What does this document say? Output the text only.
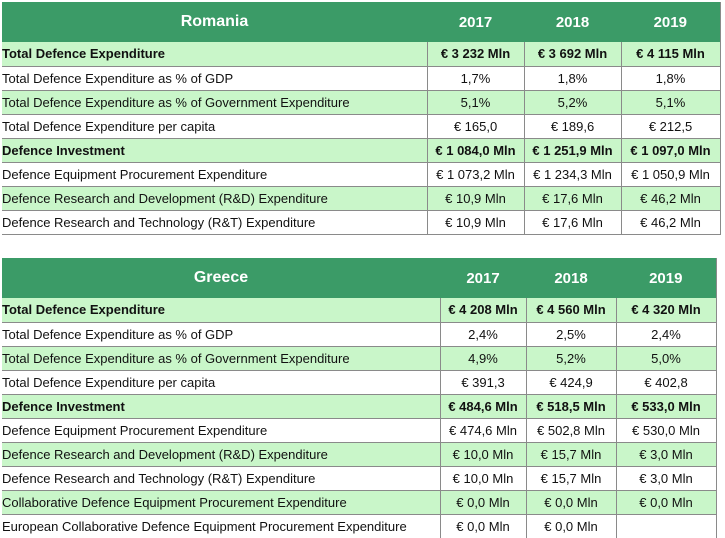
Romania	2017	2018	2019
Total Defence Expenditure	€ 3 232 Mln	€ 3 692 Mln	€ 4 115 Mln
Total Defence Expenditure as % of GDP	1,7%	1,8%	1,8%
Total Defence Expenditure as % of Government Expenditure	5,1%	5,2%	5,1%
Total Defence Expenditure per capita	€ 165,0	€ 189,6	€ 212,5
Defence Investment	€ 1 084,0 Mln	€ 1 251,9 Mln	€ 1 097,0 Mln
Defence Equipment Procurement Expenditure	€ 1 073,2 Mln	€ 1 234,3 Mln	€ 1 050,9 Mln
Defence Research and Development (R&D) Expenditure	€ 10,9 Mln	€ 17,6 Mln	€ 46,2 Mln
Defence Research and Technology (R&T) Expenditure	€ 10,9 Mln	€ 17,6 Mln	€ 46,2 Mln
Greece	2017	2018	2019
Total Defence Expenditure	€ 4 208 Mln	€ 4 560 Mln	€ 4 320 Mln
Total Defence Expenditure as % of GDP	2,4%	2,5%	2,4%
Total Defence Expenditure as % of Government Expenditure	4,9%	5,2%	5,0%
Total Defence Expenditure per capita	€ 391,3	€ 424,9	€ 402,8
Defence Investment	€ 484,6 Mln	€ 518,5 Mln	€ 533,0 Mln
Defence Equipment Procurement Expenditure	€ 474,6 Mln	€ 502,8 Mln	€ 530,0 Mln
Defence Research and Development (R&D) Expenditure	€ 10,0 Mln	€ 15,7 Mln	€ 3,0 Mln
Defence Research and Technology (R&T) Expenditure	€ 10,0 Mln	€ 15,7 Mln	€ 3,0 Mln
Collaborative Defence Equipment Procurement Expenditure	€ 0,0 Mln	€ 0,0 Mln	€ 0,0 Mln
European Collaborative Defence Equipment Procurement Expenditure	€ 0,0 Mln	€ 0,0 Mln	
